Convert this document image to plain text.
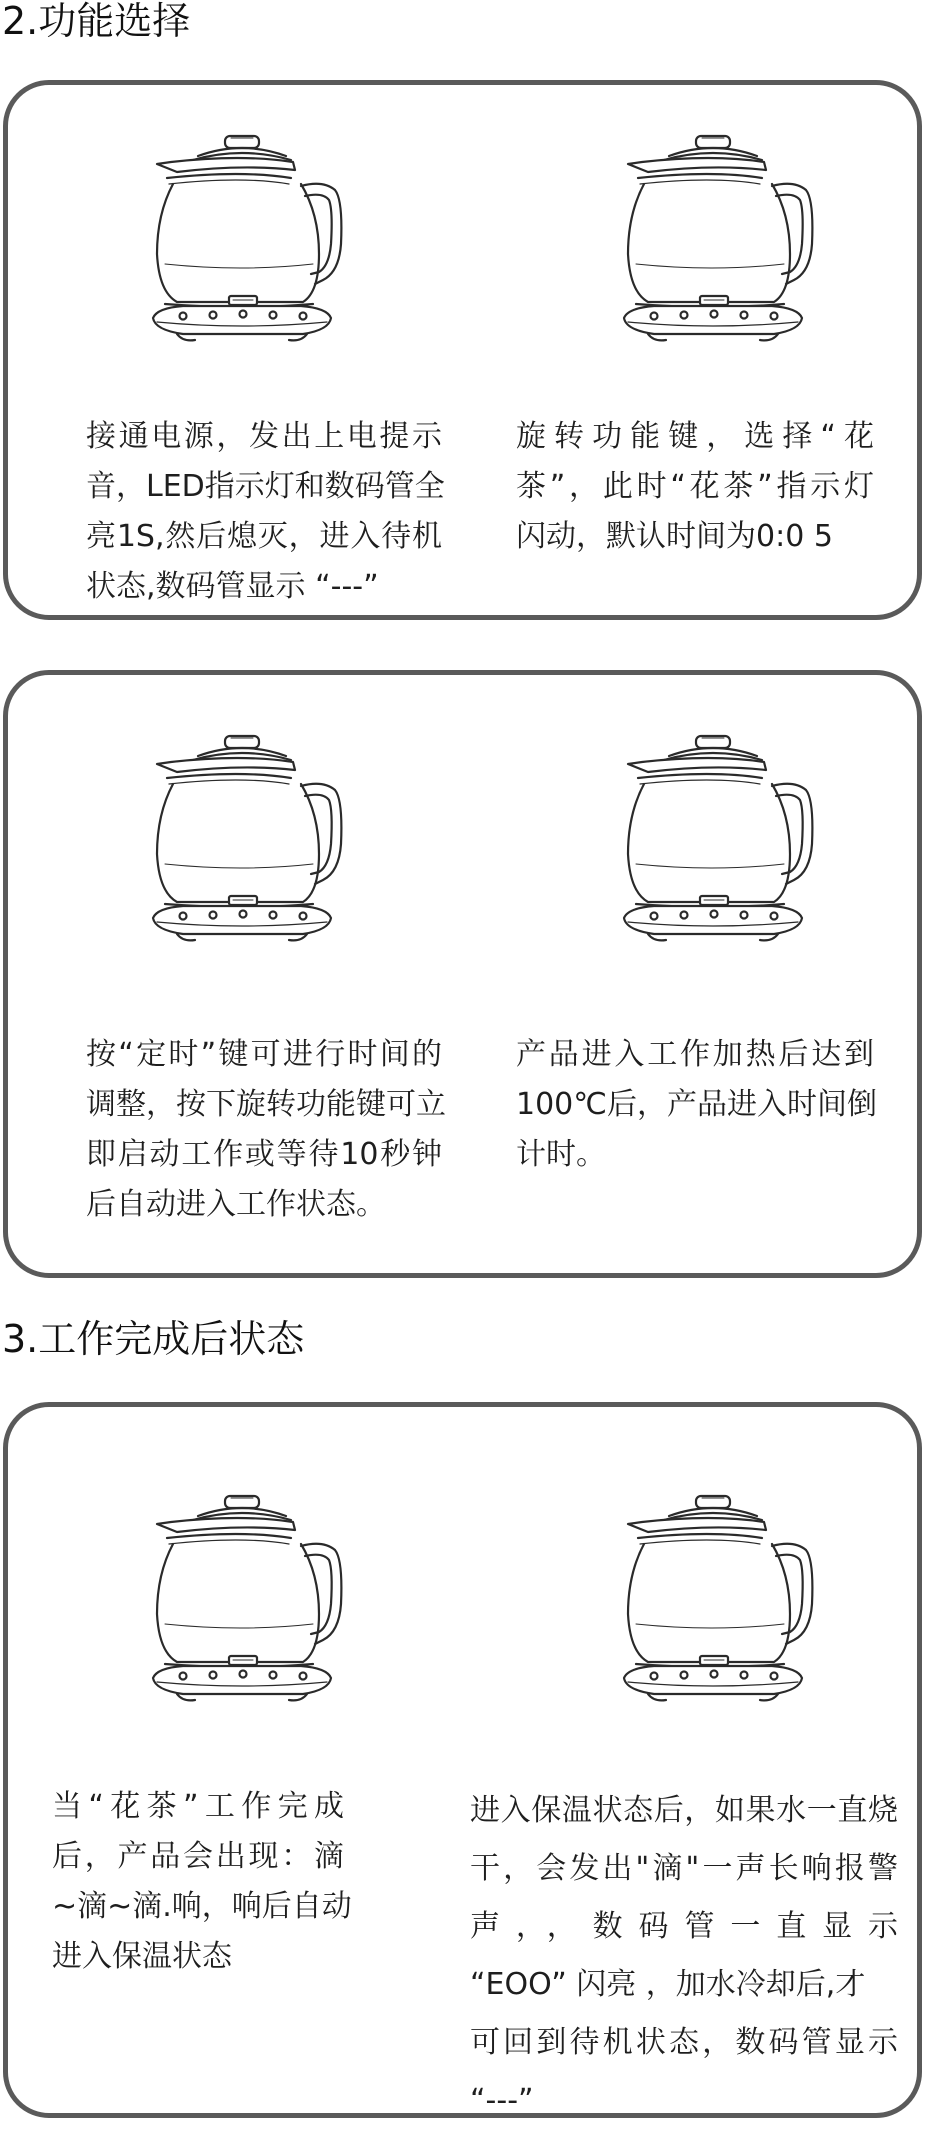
2.功能选择
接通电源，发出上电提示
音，LED指示灯和数码管全
亮1S,然后熄灭，进入待机
状态,数码管显示 “---”
旋转功能键，选择“花
茶”，此时“花茶”指示灯
闪动，默认时间为0:0 5
按“定时”键可进行时间的
调整，按下旋转功能键可立
即启动工作或等待10秒钟
后自动进入工作状态。
产品进入工作加热后达到
100℃后，产品进入时间倒
计时。
3.工作完成后状态
当“花茶”工作完成
后，产品会出现：滴
~滴~滴.响，响后自动
进入保温状态
进入保温状态后，如果水一直烧
干，会发出"滴"一声长响报警
声，，数码管一直显示
“EOO” 闪亮 ，加水冷却后,才
可回到待机状态，数码管显示
“---”
